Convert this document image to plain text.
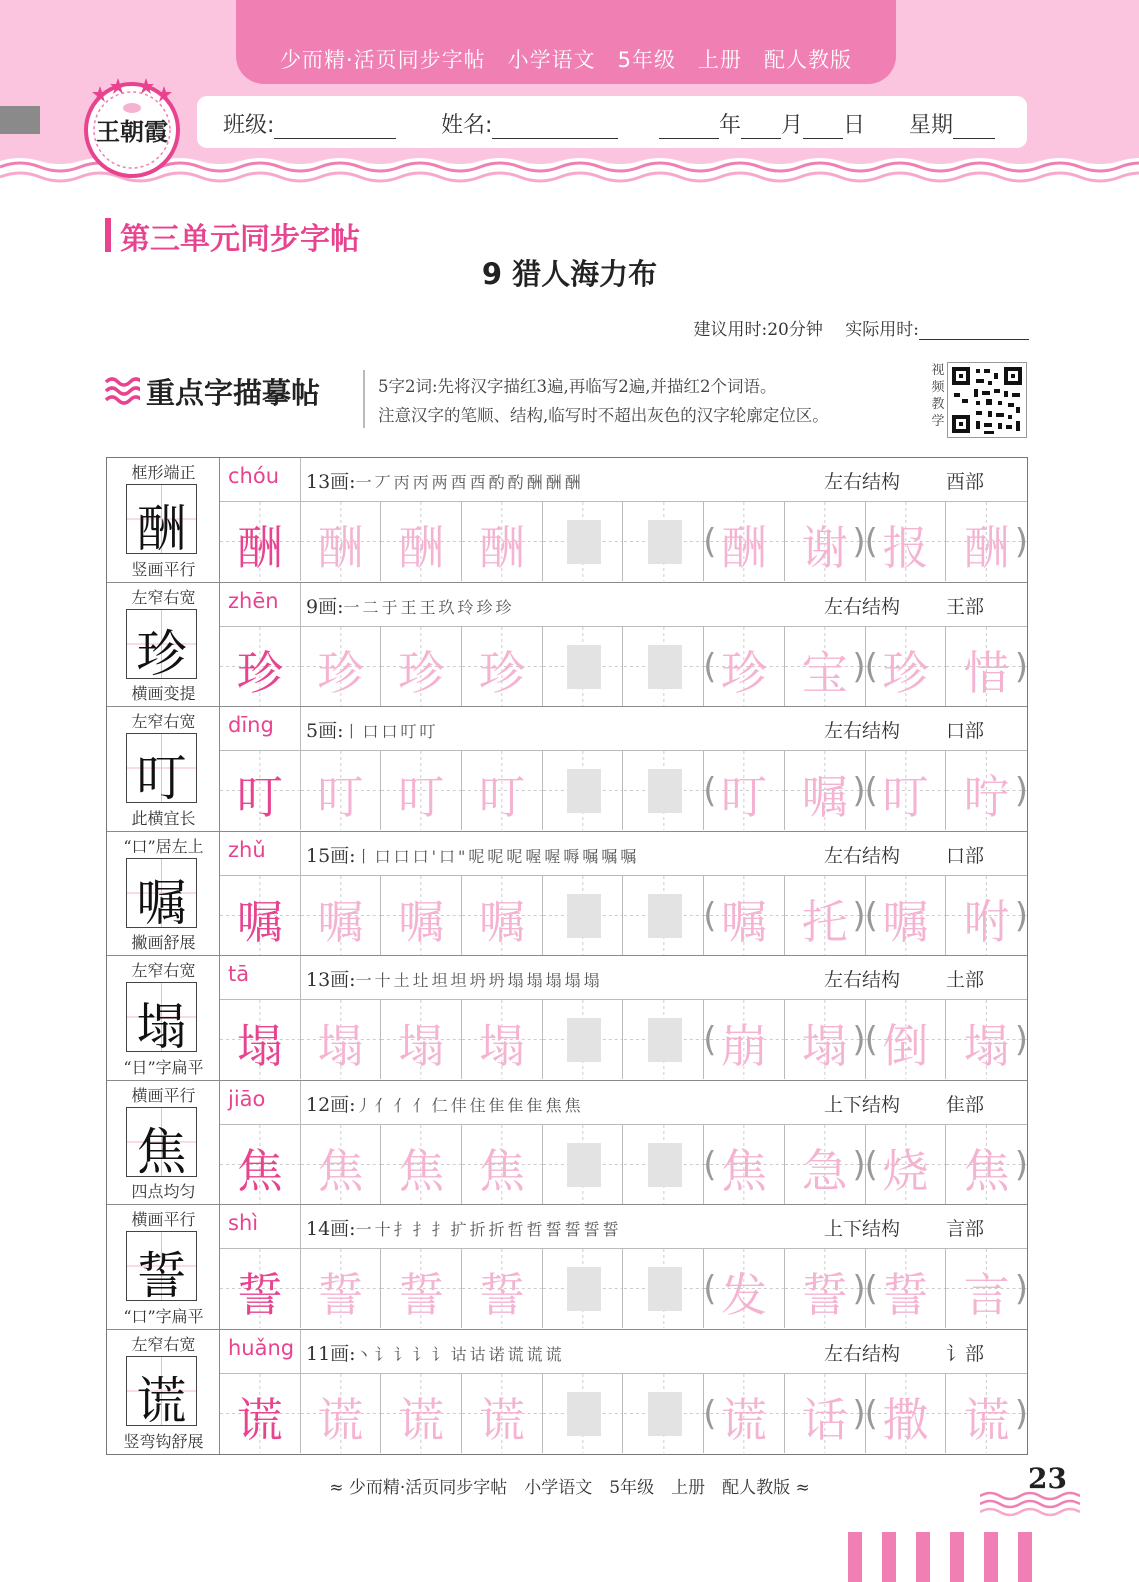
少而精·活页同步字帖　小学语文　5年级　上册　配人教版
王朝霞	班级:	姓名:	年 月 日 星期
第三单元同步字帖
9 猎人海力布
建议用时:20分钟　 实际用时:
重点字描摹帖	5字2词:先将汉字描红3遍,再临写2遍,并描红2个词语。
注意汉字的笔顺、结构,临写时不超出灰色的汉字轮廓定位区。
视频教学
框形端正
酬
竖画平行
chóu 13画:一丆丙丙两酉酉酌酌酬酬酬	左右结构 酉部
酬 酬 酬 酬	( 酬 谢 ) ( 报 酬 )
左窄右宽
珍
横画变提
zhēn 9画:一二于王王玖玲珍珍	左右结构 王部
珍 珍 珍 珍	( 珍 宝 ) ( 珍 惜 )
左窄右宽
叮
此横宜长
dīng 5画:丨口口叮叮	左右结构 口部
叮 叮 叮 叮	( 叮 嘱 ) ( 叮 咛 )
“口”居左上
嘱
撇画舒展
zhǔ 15画:丨口口口'口"呢呢呢喔喔嗕嘱嘱嘱	左右结构 口部
嘱 嘱 嘱 嘱	( 嘱 托 ) ( 嘱 咐 )
左窄右宽
塌
“日”字扁平
tā	13画:一十土圵坦坦坍坍塌塌塌塌塌	左右结构 土部
塌 塌 塌 塌	( 崩 塌 ) ( 倒 塌 )
横画平行
焦
四点均匀
jiāo 12画:丿亻亻亻仁仹住隹隹隹焦焦	上下结构 隹部
焦 焦 焦 焦	( 焦 急 ) ( 烧 焦 )
横画平行
誓
“口”字扁平
shì	14画:一十扌扌扌扩折折哲哲誓誓誓誓	上下结构 言部
誓 誓 誓 誓	( 发 誓 ) ( 誓 言 )
左窄右宽
谎
竖弯钩舒展
huǎng 11画:丶讠讠讠讠诂诂诺谎谎谎	左右结构 讠部
谎 谎 谎 谎	( 谎 话 ) ( 撒 谎 )
≈ 少而精·活页同步字帖　小学语文　5年级　上册　配人教版 ≈	23
